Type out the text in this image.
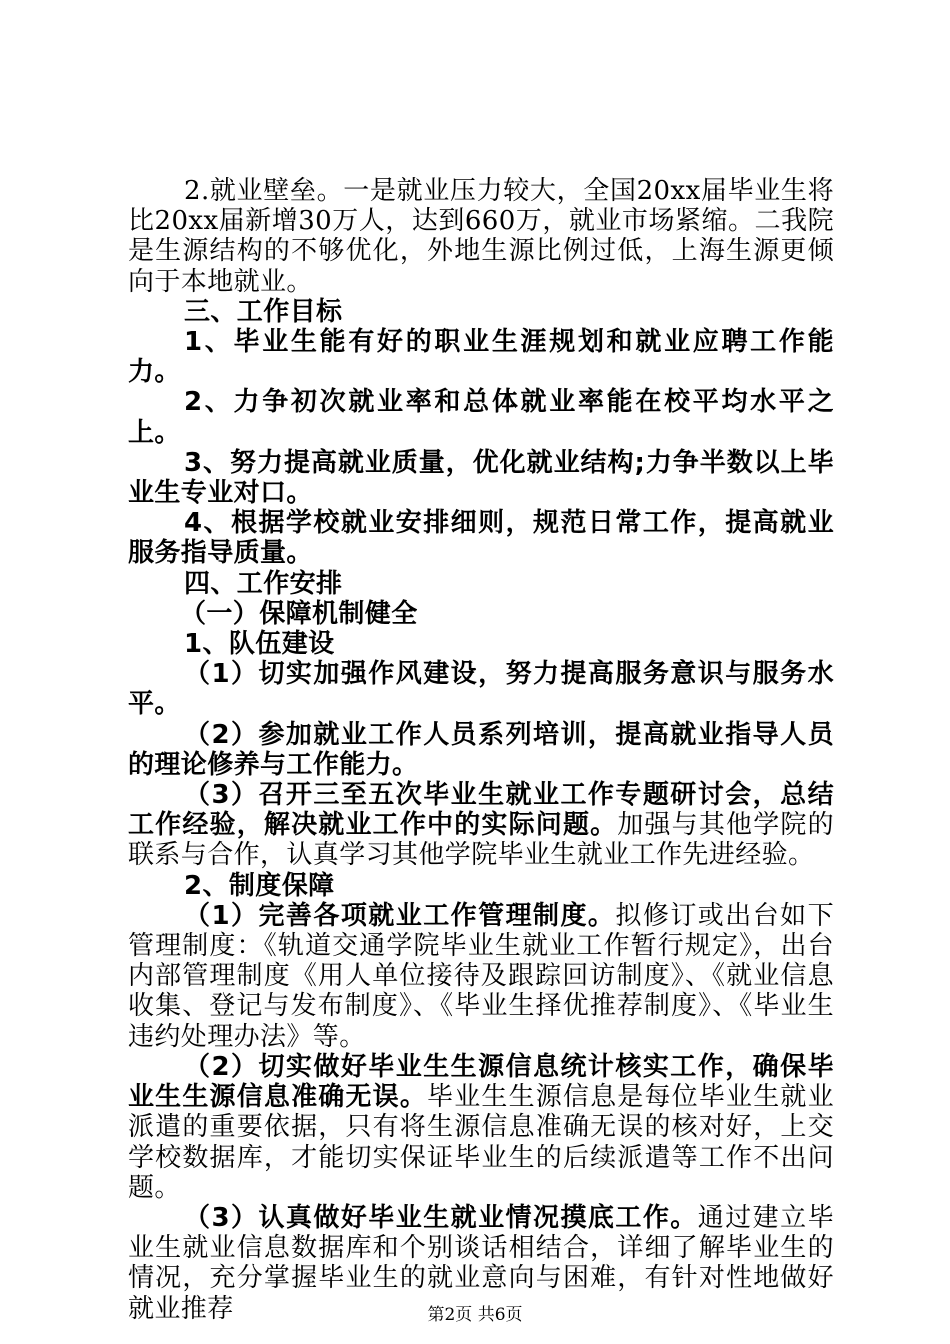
2.就业壁垒。一是就业压力较大，全国20xx届毕业生将比20xx届新增30万人，达到660万，就业市场紧缩。二我院是生源结构的不够优化，外地生源比例过低，上海生源更倾向于本地就业。

三、工作目标

1、毕业生能有好的职业生涯规划和就业应聘工作能力。

2、力争初次就业率和总体就业率能在校平均水平之上。

3、努力提高就业质量，优化就业结构;力争半数以上毕业生专业对口。

4、根据学校就业安排细则，规范日常工作，提高就业服务指导质量。

四、工作安排

（一）保障机制健全

1、队伍建设

（1）切实加强作风建设，努力提高服务意识与服务水平。

（2）参加就业工作人员系列培训，提高就业指导人员的理论修养与工作能力。

（3）召开三至五次毕业生就业工作专题研讨会，总结工作经验，解决就业工作中的实际问题。加强与其他学院的联系与合作，认真学习其他学院毕业生就业工作先进经验。

2、制度保障

（1）完善各项就业工作管理制度。拟修订或出台如下管理制度：《轨道交通学院毕业生就业工作暂行规定》，出台内部管理制度《用人单位接待及跟踪回访制度》、《就业信息收集、登记与发布制度》、《毕业生择优推荐制度》、《毕业生违约处理办法》等。

（2）切实做好毕业生生源信息统计核实工作，确保毕业生生源信息准确无误。毕业生生源信息是每位毕业生就业派遣的重要依据，只有将生源信息准确无误的核对好，上交学校数据库，才能切实保证毕业生的后续派遣等工作不出问题。

（3）认真做好毕业生就业情况摸底工作。通过建立毕业生就业信息数据库和个别谈话相结合，详细了解毕业生的情况，充分掌握毕业生的就业意向与困难，有针对性地做好就业推荐	第2页 共6页
